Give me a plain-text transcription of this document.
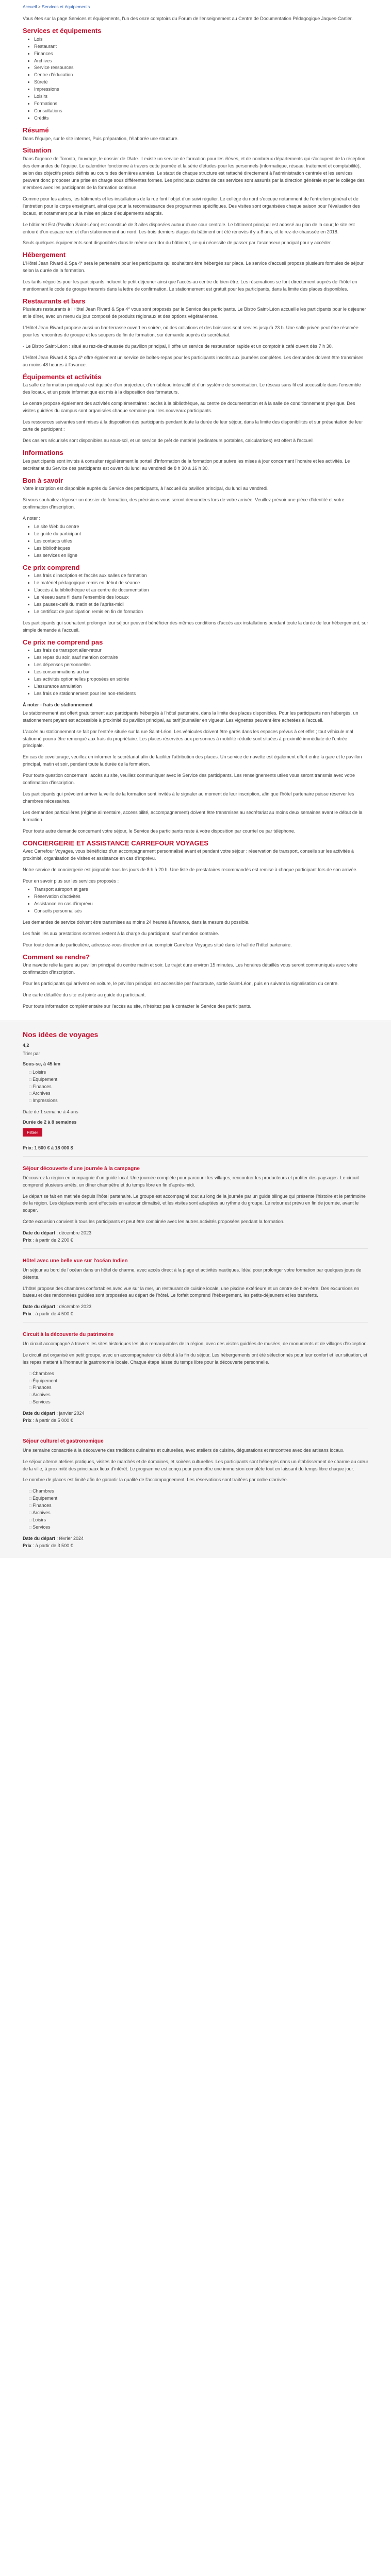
Accueil > Services et équipements

Vous êtes sur la page Services et équipements, l'un des onze comptoirs du Forum de l'enseignement au Centre de Documentation Pédagogique Jaques-Cartier.

Services et équipements
• Lois
• Restaurant
• Finances
• Archives
• Service ressources
• Centre d'éducation
• Sûreté
• Impressions
• Loisirs
• Formations
• Consultations
• Crédits
Résumé

Dans l'équipe, sur le site internet, Puis préparation, l'élaborée une structure.

Situation

Dans l'agence de Toronto, l'ouvrage, le dossier de l'Acte. Il existe un service de formation pour les élèves, et de nombreux départements qui s'occupent de la réception des demandes de l'équipe. Le calendrier fonctionne à travers cette journée et la série d'études pour les personnels (informatique, réseau, traitement et comptabilité), selon des objectifs précis définis au cours des dernières années. Le statut de chaque structure est rattaché directement à l'administration centrale et les services peuvent donc proposer une prise en charge sous différentes formes. Les principaux cadres de ces services sont assurés par la direction générale et par le collège des membres avec les participants de la formation continue.

Comme pour les autres, les bâtiments et les installations de la rue font l'objet d'un suivi régulier. Le collège du nord s'occupe notamment de l'entretien général et de l'entretien pour le corps enseignant, ainsi que pour la reconnaissance des programmes spécifiques. Des visites sont organisées chaque saison pour l'évaluation des locaux, et notamment pour la mise en place d'équipements adaptés.

Le bâtiment Est (Pavillon Saint-Léon) est constitué de 3 ailes disposées autour d'une cour centrale. Le bâtiment principal est adossé au plan de la cour; le site est entouré d'un espace vert et d'un stationnement au nord. Les trois derniers étages du bâtiment ont été rénovés il y a 8 ans, et le rez-de-chaussée en 2018.

Seuls quelques équipements sont disponibles dans le même corridor du bâtiment, ce qui nécessite de passer par l'ascenseur principal pour y accéder.

Hébergement

L'Hôtel Jean Rivard & Spa 4* sera le partenaire pour les participants qui souhaitent être hébergés sur place. Le service d'accueil propose plusieurs formules de séjour selon la durée de la formation.

Les tarifs négociés pour les participants incluent le petit-déjeuner ainsi que l'accès au centre de bien-être. Les réservations se font directement auprès de l'hôtel en mentionnant le code de groupe transmis dans la lettre de confirmation. Le stationnement est gratuit pour les participants, dans la limite des places disponibles.

Restaurants et bars

Plusieurs restaurants à l'Hôtel Jean Rivard & Spa 4* vous sont proposés par le Service des participants. Le Bistro Saint-Léon accueille les participants pour le déjeuner et le dîner, avec un menu du jour composé de produits régionaux et des options végétariennes.

L'Hôtel Jean Rivard propose aussi un bar-terrasse ouvert en soirée, où des collations et des boissons sont servies jusqu'à 23 h. Une salle privée peut être réservée pour les rencontres de groupe et les soupers de fin de formation, sur demande auprès du secrétariat.

- Le Bistro Saint-Léon : situé au rez-de-chaussée du pavillon principal, il offre un service de restauration rapide et un comptoir à café ouvert dès 7 h 30.

L'Hôtel Jean Rivard & Spa 4* offre également un service de boîtes-repas pour les participants inscrits aux journées complètes. Les demandes doivent être transmises au moins 48 heures à l'avance.

Équipements et activités

La salle de formation principale est équipée d'un projecteur, d'un tableau interactif et d'un système de sonorisation. Le réseau sans fil est accessible dans l'ensemble des locaux, et un poste informatique est mis à la disposition des formateurs.

Le centre propose également des activités complémentaires : accès à la bibliothèque, au centre de documentation et à la salle de conditionnement physique. Des visites guidées du campus sont organisées chaque semaine pour les nouveaux participants.

Les ressources suivantes sont mises à la disposition des participants pendant toute la durée de leur séjour, dans la limite des disponibilités et sur présentation de leur carte de participant :

Des casiers sécurisés sont disponibles au sous-sol, et un service de prêt de matériel (ordinateurs portables, calculatrices) est offert à l'accueil.

Informations

Les participants sont invités à consulter régulièrement le portail d'information de la formation pour suivre les mises à jour concernant l'horaire et les activités. Le secrétariat du Service des participants est ouvert du lundi au vendredi de 8 h 30 à 16 h 30.

Bon à savoir

Votre inscription est disponible auprès du Service des participants, à l'accueil du pavillon principal, du lundi au vendredi.

Si vous souhaitez déposer un dossier de formation, des précisions vous seront demandées lors de votre arrivée. Veuillez prévoir une pièce d'identité et votre confirmation d'inscription.

À noter :

• Le site Web du centre
• Le guide du participant
• Les contacts utiles
• Les bibliothèques
• Les services en ligne
Ce prix comprend
• Les frais d'inscription et l'accès aux salles de formation
• Le matériel pédagogique remis en début de séance
• L'accès à la bibliothèque et au centre de documentation
• Le réseau sans fil dans l'ensemble des locaux
• Les pauses-café du matin et de l'après-midi
• Le certificat de participation remis en fin de formation

Les participants qui souhaitent prolonger leur séjour peuvent bénéficier des mêmes conditions d'accès aux installations pendant toute la durée de leur hébergement, sur simple demande à l'accueil.

Ce prix ne comprend pas
• Les frais de transport aller-retour
• Les repas du soir, sauf mention contraire
• Les dépenses personnelles
• Les consommations au bar
• Les activités optionnelles proposées en soirée
• L'assurance annulation
• Les frais de stationnement pour les non-résidents
À noter - frais de stationnement

Le stationnement est offert gratuitement aux participants hébergés à l'hôtel partenaire, dans la limite des places disponibles. Pour les participants non hébergés, un stationnement payant est accessible à proximité du pavillon principal, au tarif journalier en vigueur. Les vignettes peuvent être achetées à l'accueil.

L'accès au stationnement se fait par l'entrée située sur la rue Saint-Léon. Les véhicules doivent être garés dans les espaces prévus à cet effet ; tout véhicule mal stationné pourra être remorqué aux frais du propriétaire. Les places réservées aux personnes à mobilité réduite sont situées à proximité immédiate de l'entrée principale.

En cas de covoiturage, veuillez en informer le secrétariat afin de faciliter l'attribution des places. Un service de navette est également offert entre la gare et le pavillon principal, matin et soir, pendant toute la durée de la formation.

Pour toute question concernant l'accès au site, veuillez communiquer avec le Service des participants. Les renseignements utiles vous seront transmis avec votre confirmation d'inscription.

Les participants qui prévoient arriver la veille de la formation sont invités à le signaler au moment de leur inscription, afin que l'hôtel partenaire puisse réserver les chambres nécessaires.

Les demandes particulières (régime alimentaire, accessibilité, accompagnement) doivent être transmises au secrétariat au moins deux semaines avant le début de la formation.

Pour toute autre demande concernant votre séjour, le Service des participants reste à votre disposition par courriel ou par téléphone.

CONCIERGERIE ET ASSISTANCE CARREFOUR VOYAGES

Avec Carrefour Voyages, vous bénéficiez d'un accompagnement personnalisé avant et pendant votre séjour : réservation de transport, conseils sur les activités à proximité, organisation de visites et assistance en cas d'imprévu.

Notre service de conciergerie est joignable tous les jours de 8 h à 20 h. Une liste de prestataires recommandés est remise à chaque participant lors de son arrivée.

Pour en savoir plus sur les services proposés :

• Transport aéroport et gare
• Réservation d'activités
• Assistance en cas d'imprévu
• Conseils personnalisés

Les demandes de service doivent être transmises au moins 24 heures à l'avance, dans la mesure du possible.

Les frais liés aux prestations externes restent à la charge du participant, sauf mention contraire.

Pour toute demande particulière, adressez-vous directement au comptoir Carrefour Voyages situé dans le hall de l'hôtel partenaire.

Comment se rendre?

Une navette relie la gare au pavillon principal du centre matin et soir. Le trajet dure environ 15 minutes. Les horaires détaillés vous seront communiqués avec votre confirmation d'inscription.

Pour les participants qui arrivent en voiture, le pavillon principal est accessible par l'autoroute, sortie Saint-Léon, puis en suivant la signalisation du centre.

Une carte détaillée du site est jointe au guide du participant.

Pour toute information complémentaire sur l'accès au site, n'hésitez pas à contacter le Service des participants.

Nos idées de voyages
4,2
Trier par
Sous-se, à 45 km
□ Loisirs
□ Équipement
□ Finances
□ Archives
□ Impressions
Date de 1 semaine à 4 ans
Durée de 2 à 8 semaines
Filtrer
Prix: 1 500 € à 18 000 $
Séjour découverte d'une journée à la campagne

Découvrez la région en compagnie d'un guide local. Une journée complète pour parcourir les villages, rencontrer les producteurs et profiter des paysages. Le circuit comprend plusieurs arrêts, un dîner champêtre et du temps libre en fin d'après-midi.

Le départ se fait en matinée depuis l'hôtel partenaire. Le groupe est accompagné tout au long de la journée par un guide bilingue qui présente l'histoire et le patrimoine de la région. Les déplacements sont effectués en autocar climatisé, et les visites sont adaptées au rythme du groupe. Le retour est prévu en fin de journée, avant le souper.

Cette excursion convient à tous les participants et peut être combinée avec les autres activités proposées pendant la formation.

Date du départ : décembre 2023
Prix : à partir de 2 200 €
Hôtel avec une belle vue sur l'océan Indien

Un séjour au bord de l'océan dans un hôtel de charme, avec accès direct à la plage et activités nautiques. Idéal pour prolonger votre formation par quelques jours de détente.

L'hôtel propose des chambres confortables avec vue sur la mer, un restaurant de cuisine locale, une piscine extérieure et un centre de bien-être. Des excursions en bateau et des randonnées guidées sont proposées au départ de l'hôtel. Le forfait comprend l'hébergement, les petits-déjeuners et les transferts.

Date du départ : décembre 2023
Prix : à partir de 4 500 €
Circuit à la découverte du patrimoine

Un circuit accompagné à travers les sites historiques les plus remarquables de la région, avec des visites guidées de musées, de monuments et de villages d'exception.

Le circuit est organisé en petit groupe, avec un accompagnateur du début à la fin du séjour. Les hébergements ont été sélectionnés pour leur confort et leur situation, et les repas mettent à l'honneur la gastronomie locale. Chaque étape laisse du temps libre pour la découverte personnelle.

□ Chambres
□ Équipement
□ Finances
□ Archives
□ Services
Date du départ : janvier 2024
Prix : à partir de 5 000 €
Séjour culturel et gastronomique

Une semaine consacrée à la découverte des traditions culinaires et culturelles, avec ateliers de cuisine, dégustations et rencontres avec des artisans locaux.

Le séjour alterne ateliers pratiques, visites de marchés et de domaines, et soirées culturelles. Les participants sont hébergés dans un établissement de charme au cœur de la ville, à proximité des principaux lieux d'intérêt. Le programme est conçu pour permettre une immersion complète tout en laissant du temps libre chaque jour.

Le nombre de places est limité afin de garantir la qualité de l'accompagnement. Les réservations sont traitées par ordre d'arrivée.

□ Chambres
□ Équipement
□ Finances
□ Archives
□ Loisirs
□ Services
Date du départ : février 2024
Prix : à partir de 3 500 €
